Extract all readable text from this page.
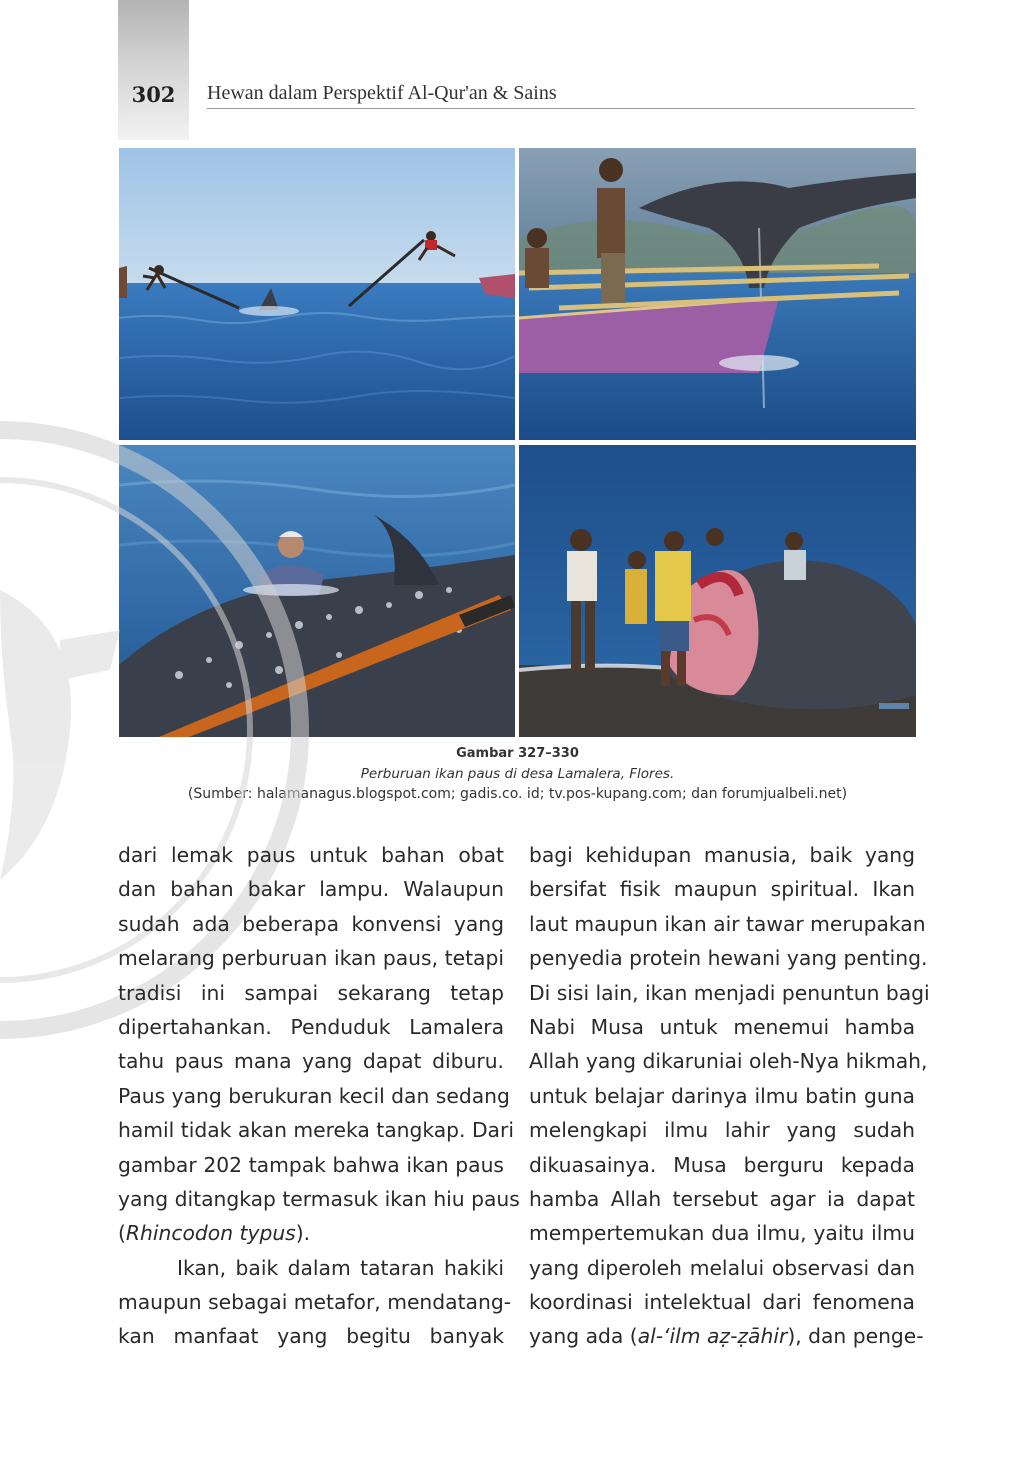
302	Hewan dalam Perspektif Al-Qur'an & Sains
Gambar 327–330
Perburuan ikan paus di desa Lamalera, Flores.
(Sumber: halamanagus.blogspot.com; gadis.co. id; tv.pos-kupang.com; dan forumjualbeli.net)
dari lemak paus untuk bahan obat
dan bahan bakar lampu. Walaupun
sudah ada beberapa konvensi yang
melarang perburuan ikan paus, tetapi
tradisi ini sampai sekarang tetap
dipertahankan. Penduduk Lamalera
tahu paus mana yang dapat diburu.
Paus yang berukuran kecil dan sedang
hamil tidak akan mereka tangkap. Dari
gambar 202 tampak bahwa ikan paus
yang ditangkap termasuk ikan hiu paus
(Rhincodon typus).
Ikan, baik dalam tataran hakiki
maupun sebagai metafor, mendatang-
kan manfaat yang begitu banyak
bagi kehidupan manusia, baik yang
bersifat fisik maupun spiritual. Ikan
laut maupun ikan air tawar merupakan
penyedia protein hewani yang penting.
Di sisi lain, ikan menjadi penuntun bagi
Nabi Musa untuk menemui hamba
Allah yang dikaruniai oleh-Nya hikmah,
untuk belajar darinya ilmu batin guna
melengkapi ilmu lahir yang sudah
dikuasainya. Musa berguru kepada
hamba Allah tersebut agar ia dapat
mempertemukan dua ilmu, yaitu ilmu
yang diperoleh melalui observasi dan
koordinasi intelektual dari fenomena
yang ada (al-‘ilm aẓ-ẓāhir), dan penge-
